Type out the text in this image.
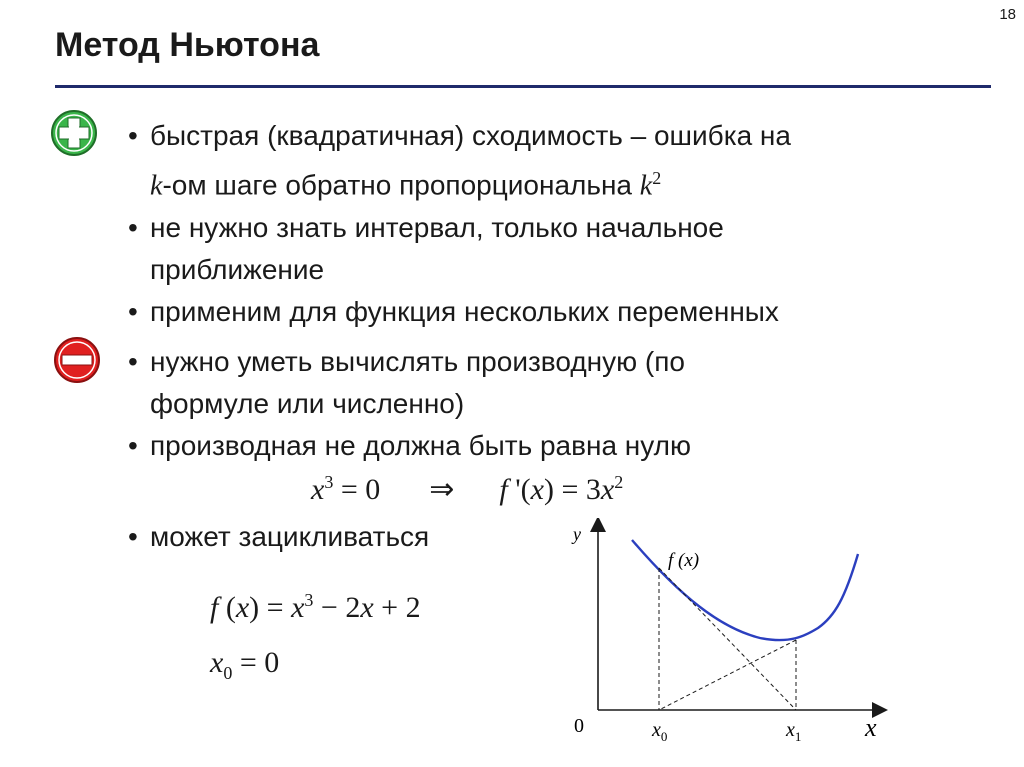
18
Метод Ньютона
• быстрая (квадратичная) сходимость – ошибка на
k-ом шаге обратно пропорциональна $k^2$
• не нужно знать интервал, только начальное
приближение
• применим для функция нескольких переменных
• нужно уметь вычислять производную (по
формуле или численно)
• производная не должна быть равна нулю
• может зацикливаться
$x^3 = 0$ ⇒ f '$(x) = 3x^2$
f $(x) = x^3 - 2x + 2$
$x_0 = 0$
y
x
0
f (x)
$x_0$	$x_1$
